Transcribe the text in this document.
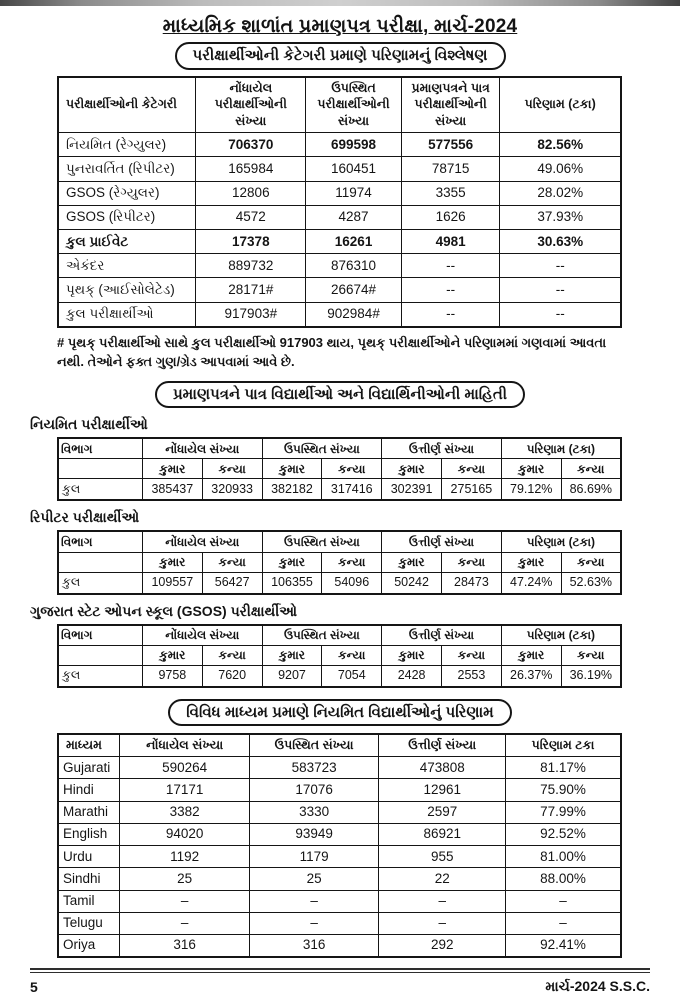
માધ્યમિક શાળાંત પ્રમાણપત્ર પરીક્ષા, માર્ચ-2024
પરીક્ષાર્થીઓની કેટેગરી પ્રમાણે પરિણામનું વિશ્લેષણ
પરીક્ષાર્થીઓની કેટેગરી	નોંધાયેલ પરીક્ષાર્થીઓની સંખ્યા	ઉપસ્થિત પરીક્ષાર્થીઓની સંખ્યા	પ્રમાણપત્રને પાત્ર પરીક્ષાર્થીઓની સંખ્યા	પરિણામ (ટકા)
નિયમિત (રેગ્યુલર)	706370	699598	577556	82.56%
પુનરાવર્તિત (રિપીટર)	165984	160451	78715	49.06%
GSOS (રેગ્યુલર)	12806	11974	3355	28.02%
GSOS (રિપીટર)	4572	4287	1626	37.93%
કુલ પ્રાઈવેટ	17378	16261	4981	30.63%
એકંદર	889732	876310	--	--
પૃથક્ (આઈસોલેટેડ)	28171#	26674#	--	--
કુલ પરીક્ષાર્થીઓ	917903#	902984#	--	--

# પૃથક્ પરીક્ષાર્થીઓ સાથે કુલ પરીક્ષાર્થીઓ 917903 થાય, પૃથક્ પરીક્ષાર્થીઓને પરિણામમાં ગણવામાં આવતા નથી. તેઓને ફક્ત ગુણ/ગ્રેડ આપવામાં આવે છે.

પ્રમાણપત્રને પાત્ર વિદ્યાર્થીઓ અને વિદ્યાર્થિનીઓની માહિતી

નિયમિત પરીક્ષાર્થીઓ

વિભાગ	નોંધાયેલ સંખ્યા		ઉપસ્થિત સંખ્યા		ઉત્તીર્ણ સંખ્યા		પરિણામ (ટકા)	
	કુમાર	કન્યા	કુમાર	કન્યા	કુમાર	કન્યા	કુમાર	કન્યા
કુલ	385437	320933	382182	317416	302391	275165	79.12%	86.69%

રિપીટર પરીક્ષાર્થીઓ

વિભાગ	નોંધાયેલ સંખ્યા		ઉપસ્થિત સંખ્યા		ઉત્તીર્ણ સંખ્યા		પરિણામ (ટકા)	
	કુમાર	કન્યા	કુમાર	કન્યા	કુમાર	કન્યા	કુમાર	કન્યા
કુલ	109557	56427	106355	54096	50242	28473	47.24%	52.63%

ગુજરાત સ્ટેટ ઓપન સ્કૂલ (GSOS) પરીક્ષાર્થીઓ

વિભાગ	નોંધાયેલ સંખ્યા		ઉપસ્થિત સંખ્યા		ઉત્તીર્ણ સંખ્યા		પરિણામ (ટકા)	
	કુમાર	કન્યા	કુમાર	કન્યા	કુમાર	કન્યા	કુમાર	કન્યા
કુલ	9758	7620	9207	7054	2428	2553	26.37%	36.19%
વિવિધ માધ્યમ પ્રમાણે નિયમિત વિદ્યાર્થીઓનું પરિણામ
માધ્યમ	નોંધાયેલ સંખ્યા	ઉપસ્થિત સંખ્યા	ઉત્તીર્ણ સંખ્યા	પરિણામ ટકા
Gujarati	590264	583723	473808	81.17%
Hindi	17171	17076	12961	75.90%
Marathi	3382	3330	2597	77.99%
English	94020	93949	86921	92.52%
Urdu	1192	1179	955	81.00%
Sindhi	25	25	22	88.00%
Tamil	–	–	–	–
Telugu	–	–	–	–
Oriya	316	316	292	92.41%
5	માર્ચ-2024 S.S.C.
